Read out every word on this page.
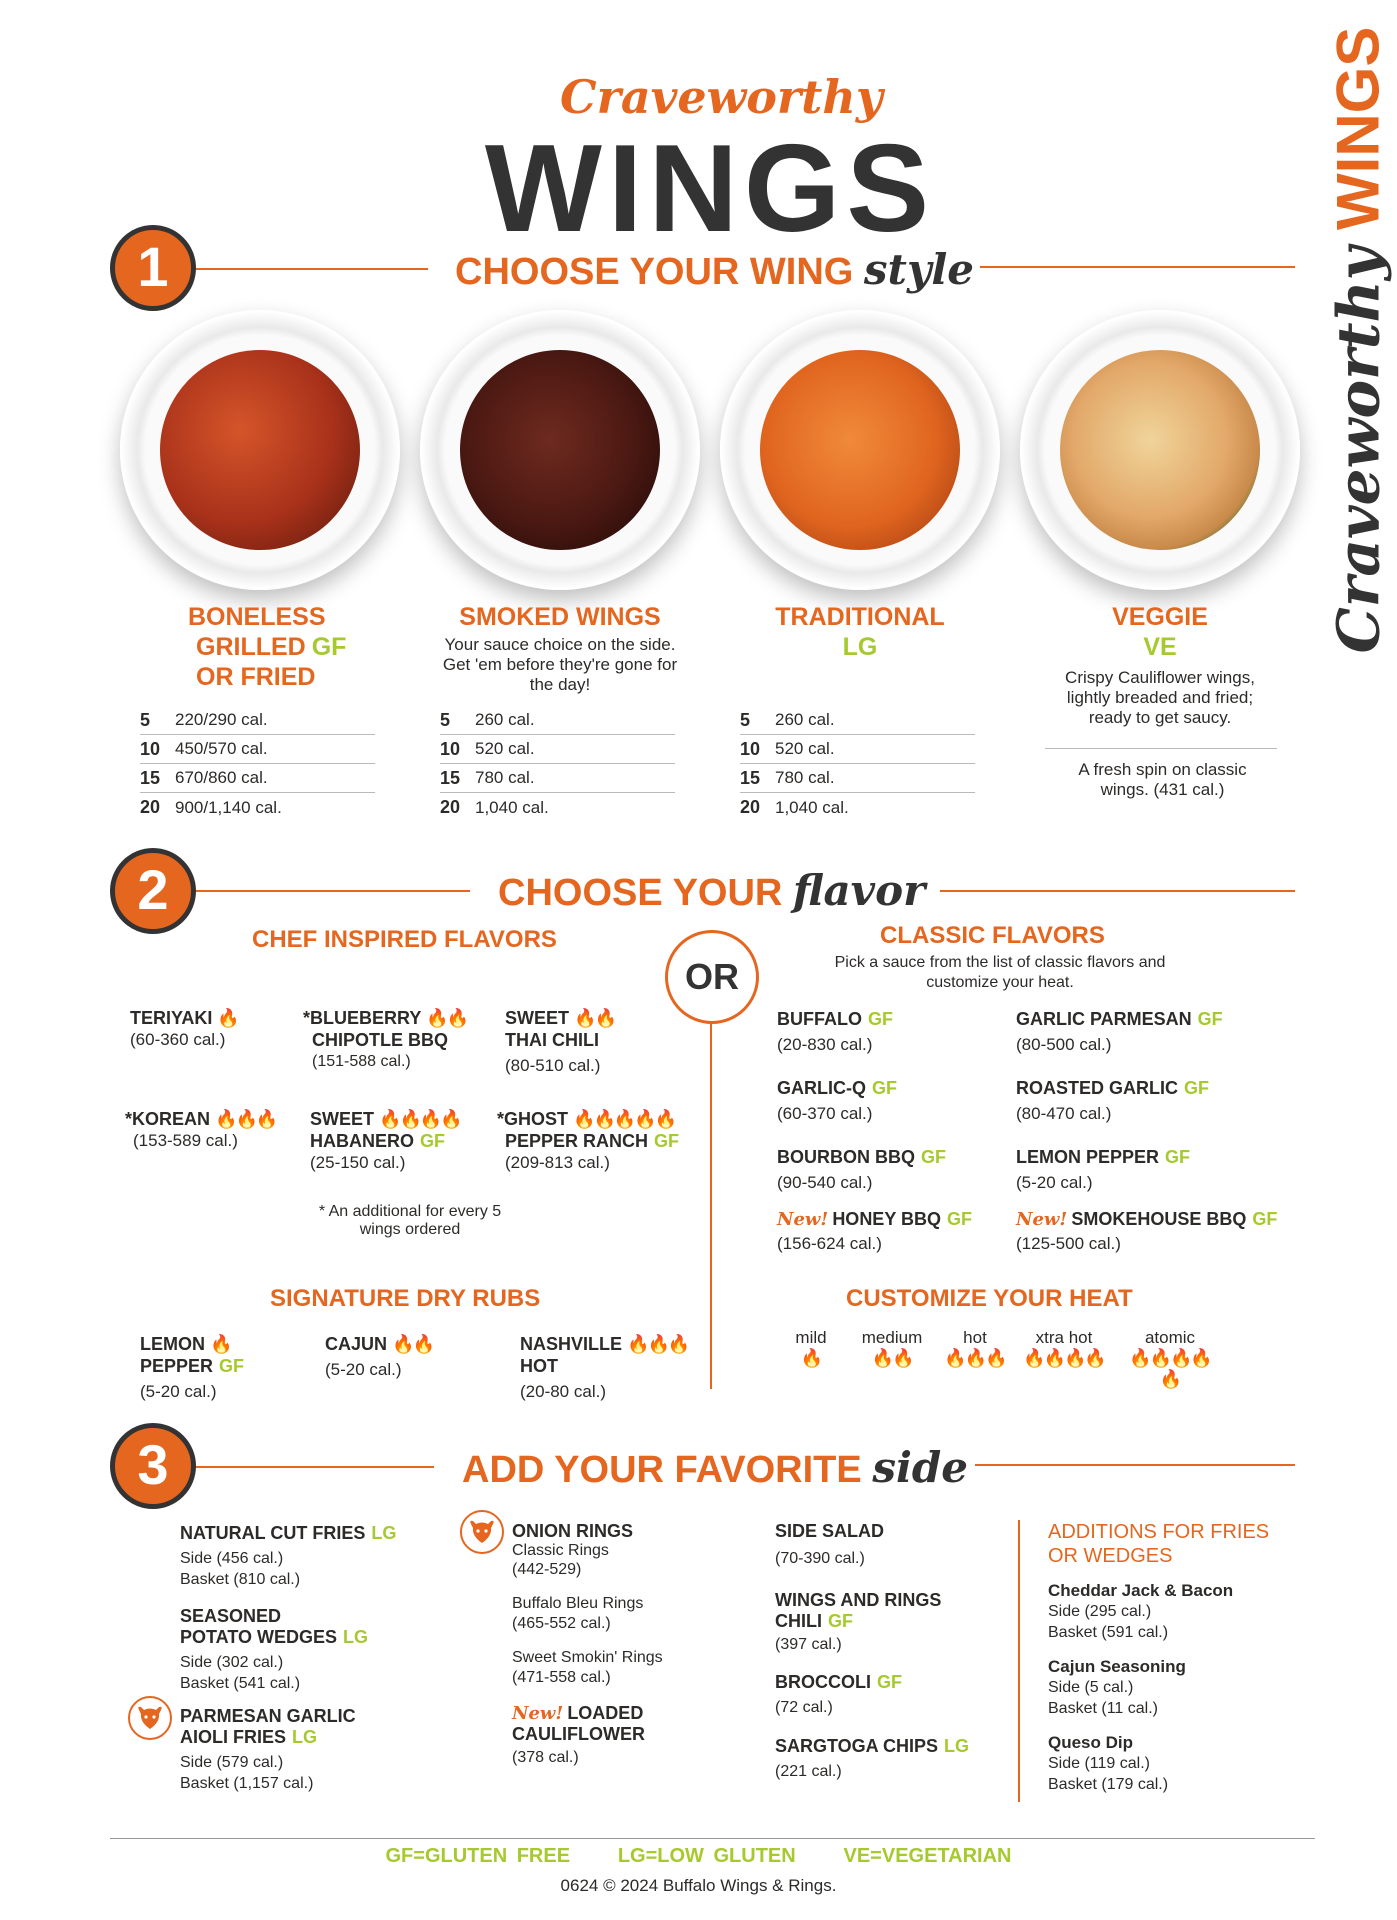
Craveworthy
WINGS
Craveworthy WINGS
1	CHOOSE YOUR WING style
BONELESS
GRILLED GF
OR FRIED
5	220/290 cal.
10 450/570 cal.
15 670/860 cal.
20 900/1,140 cal.
SMOKED WINGS
Your sauce choice on the side. Get 'em before they're gone for the day!
5	260 cal.
10 520 cal.
15 780 cal.
20 1,040 cal.
TRADITIONAL
LG
5	260 cal.
10 520 cal.
15 780 cal.
20 1,040 cal.
VEGGIE
VE
Crispy Cauliflower wings, lightly breaded and fried; ready to get saucy.
A fresh spin on classic wings. (431 cal.)
2	CHOOSE YOUR flavor
CHEF INSPIRED FLAVORS
OR
TERIYAKI 🔥
(60-360 cal.)
*BLUEBERRY 🔥🔥
CHIPOTLE BBQ
(151-588 cal.)
SWEET 🔥🔥
THAI CHILI
(80-510 cal.)
*KOREAN 🔥🔥🔥
(153-589 cal.)
SWEET 🔥🔥🔥🔥
HABANERO GF
(25-150 cal.)
*GHOST 🔥🔥🔥🔥🔥
PEPPER RANCH GF
(209-813 cal.)
* An additional for every 5 wings ordered
CLASSIC FLAVORS
Pick a sauce from the list of classic flavors and customize your heat.
BUFFALO GF
(20-830 cal.)
GARLIC PARMESAN GF
(80-500 cal.)
GARLIC-Q GF
(60-370 cal.)
ROASTED GARLIC GF
(80-470 cal.)
BOURBON BBQ GF
(90-540 cal.)
LEMON PEPPER GF
(5-20 cal.)
New! HONEY BBQ GF
(156-624 cal.)
New! SMOKEHOUSE BBQ GF
(125-500 cal.)
SIGNATURE DRY RUBS
LEMON 🔥
PEPPER GF
(5-20 cal.)
CAJUN 🔥🔥
(5-20 cal.)
NASHVILLE 🔥🔥🔥
HOT
(20-80 cal.)
CUSTOMIZE YOUR HEAT
mild
🔥
medium
🔥🔥
hot
🔥🔥🔥
xtra hot
🔥🔥🔥🔥
atomic
🔥🔥🔥🔥🔥
3	ADD YOUR FAVORITE side
NATURAL CUT FRIES LG
Side (456 cal.)
Basket (810 cal.)
SEASONED
POTATO WEDGES LG
Side (302 cal.)
Basket (541 cal.)
PARMESAN GARLIC
AIOLI FRIES LG
Side (579 cal.)
Basket (1,157 cal.)
ONION RINGS
Classic Rings
(442-529)
Buffalo Bleu Rings
(465-552 cal.)
Sweet Smokin' Rings
(471-558 cal.)
New! LOADED
CAULIFLOWER
(378 cal.)
SIDE SALAD
(70-390 cal.)
WINGS AND RINGS
CHILI GF
(397 cal.)
BROCCOLI GF
(72 cal.)
SARGTOGA CHIPS LG
(221 cal.)
ADDITIONS FOR FRIES
OR WEDGES
Cheddar Jack & Bacon
Side (295 cal.)
Basket (591 cal.)
Cajun Seasoning
Side (5 cal.)
Basket (11 cal.)
Queso Dip
Side (119 cal.)
Basket (179 cal.)
GF=GLUTEN FREE     LG=LOW GLUTEN     VE=VEGETARIAN
0624 © 2024 Buffalo Wings & Rings.
